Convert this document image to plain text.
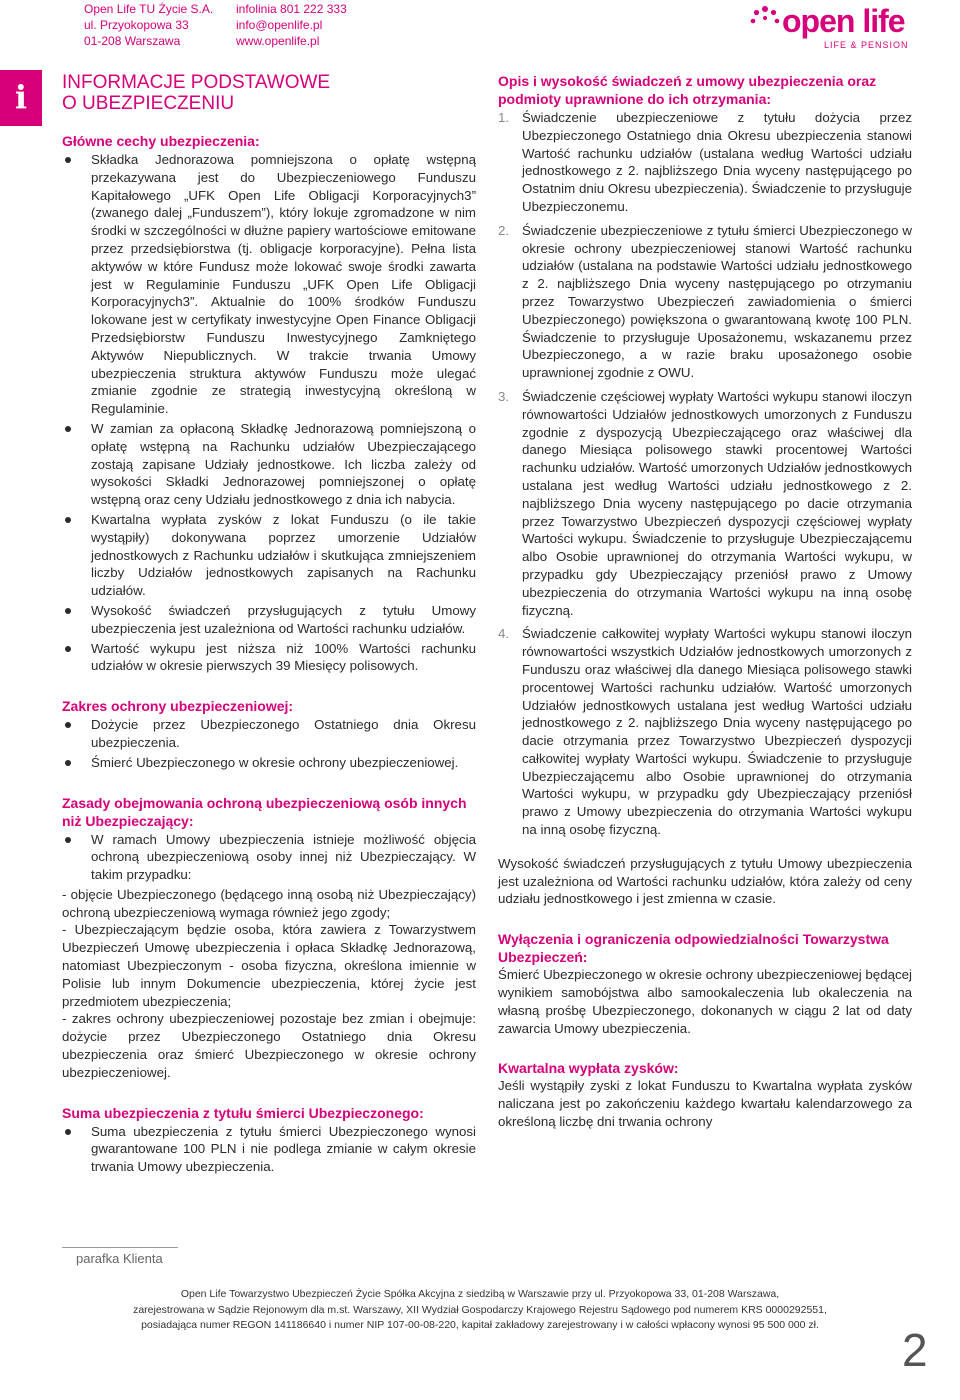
Open Life TU Życie S.A.
ul. Przyokopowa 33
01-208 Warszawa
infolinia 801 222 333
info@openlife.pl
www.openlife.pl
open life
LIFE & PENSION
i	INFORMACJE PODSTAWOWE
O UBEZPIECZENIU
Główne cechy ubezpieczenia:
Składka Jednorazowa pomniejszona o opłatę wstępną przekazywana jest do Ubezpieczeniowego Funduszu Kapitałowego „UFK Open Life Obligacji Korporacyjnych3” (zwanego dalej „Funduszem”), który lokuje zgromadzone w nim środki w szczególności w dłużne papiery wartościowe emitowane przez przedsiębiorstwa (tj. obligacje korporacyjne). Pełna lista aktywów w które Fundusz może lokować swoje środki zawarta jest w Regulaminie Funduszu „UFK Open Life Obligacji Korporacyjnych3”. Aktualnie do 100% środków Funduszu lokowane jest w certyfikaty inwestycyjne Open Finance Obligacji Przedsiębiorstw Funduszu Inwestycyjnego Zamkniętego Aktywów Niepublicznych. W trakcie trwania Umowy ubezpieczenia struktura aktywów Funduszu może ulegać zmianie zgodnie ze strategią inwestycyjną określoną w Regulaminie.
W zamian za opłaconą Składkę Jednorazową pomniejszoną o opłatę wstępną na Rachunku udziałów Ubezpieczającego zostają zapisane Udziały jednostkowe. Ich liczba zależy od wysokości Składki Jednorazowej pomniejszonej o opłatę wstępną oraz ceny Udziału jednostkowego z dnia ich nabycia.
Kwartalna wypłata zysków z lokat Funduszu (o ile takie wystąpiły) dokonywana poprzez umorzenie Udziałów jednostkowych z Rachunku udziałów i skutkująca zmniejszeniem liczby Udziałów jednostkowych zapisanych na Rachunku udziałów.
Wysokość świadczeń przysługujących z tytułu Umowy ubezpieczenia jest uzależniona od Wartości rachunku udziałów.
Wartość wykupu jest niższa niż 100% Wartości rachunku udziałów w okresie pierwszych 39 Miesięcy polisowych.
Zakres ochrony ubezpieczeniowej:
Dożycie przez Ubezpieczonego Ostatniego dnia Okresu ubezpieczenia.
Śmierć Ubezpieczonego w okresie ochrony ubezpieczeniowej.
Zasady obejmowania ochroną ubezpieczeniową osób innych niż Ubezpieczający:
W ramach Umowy ubezpieczenia istnieje możliwość objęcia ochroną ubezpieczeniową osoby innej niż Ubezpieczający. W takim przypadku:

- objęcie Ubezpieczonego (będącego inną osobą niż Ubezpieczający) ochroną ubezpieczeniową wymaga również jego zgody;

- Ubezpieczającym będzie osoba, która zawiera z Towarzystwem Ubezpieczeń Umowę ubezpieczenia i opłaca Składkę Jednorazową, natomiast Ubezpieczonym - osoba fizyczna, określona imiennie w Polisie lub innym Dokumencie ubezpieczenia, której życie jest przedmiotem ubezpieczenia;

- zakres ochrony ubezpieczeniowej pozostaje bez zmian i obejmuje: dożycie przez Ubezpieczonego Ostatniego dnia Okresu ubezpieczenia oraz śmierć Ubezpieczonego w okresie ochrony ubezpieczeniowej.

Suma ubezpieczenia z tytułu śmierci Ubezpieczonego:
Suma ubezpieczenia z tytułu śmierci Ubezpieczonego wynosi gwarantowane 100 PLN i nie podlega zmianie w całym okresie trwania Umowy ubezpieczenia.
Opis i wysokość świadczeń z umowy ubezpieczenia oraz podmioty uprawnione do ich otrzymania:
1. Świadczenie ubezpieczeniowe z tytułu dożycia przez Ubezpieczonego Ostatniego dnia Okresu ubezpieczenia stanowi Wartość rachunku udziałów (ustalana według Wartości udziału jednostkowego z 2. najbliższego Dnia wyceny następującego po Ostatnim dniu Okresu ubezpieczenia). Świadczenie to przysługuje Ubezpieczonemu.
2. Świadczenie ubezpieczeniowe z tytułu śmierci Ubezpieczonego w okresie ochrony ubezpieczeniowej stanowi Wartość rachunku udziałów (ustalana na podstawie Wartości udziału jednostkowego z 2. najbliższego Dnia wyceny następującego po otrzymaniu przez Towarzystwo Ubezpieczeń zawiadomienia o śmierci Ubezpieczonego) powiększona o gwarantowaną kwotę 100 PLN. Świadczenie to przysługuje Uposażonemu, wskazanemu przez Ubezpieczonego, a w razie braku uposażonego osobie uprawnionej zgodnie z OWU.
3. Świadczenie częściowej wypłaty Wartości wykupu stanowi iloczyn równowartości Udziałów jednostkowych umorzonych z Funduszu zgodnie z dyspozycją Ubezpieczającego oraz właściwej dla danego Miesiąca polisowego stawki procentowej Wartości rachunku udziałów. Wartość umorzonych Udziałów jednostkowych ustalana jest według Wartości udziału jednostkowego z 2. najbliższego Dnia wyceny następującego po dacie otrzymania przez Towarzystwo Ubezpieczeń dyspozycji częściowej wypłaty Wartości wykupu. Świadczenie to przysługuje Ubezpieczającemu albo Osobie uprawnionej do otrzymania Wartości wykupu, w przypadku gdy Ubezpieczający przeniósł prawo z Umowy ubezpieczenia do otrzymania Wartości wykupu na inną osobę fizyczną.
4. Świadczenie całkowitej wypłaty Wartości wykupu stanowi iloczyn równowartości wszystkich Udziałów jednostkowych umorzonych z Funduszu oraz właściwej dla danego Miesiąca polisowego stawki procentowej Wartości rachunku udziałów. Wartość umorzonych Udziałów jednostkowych ustalana jest według Wartości udziału jednostkowego z 2. najbliższego Dnia wyceny następującego po dacie otrzymania przez Towarzystwo Ubezpieczeń dyspozycji całkowitej wypłaty Wartości wykupu. Świadczenie to przysługuje Ubezpieczającemu albo Osobie uprawnionej do otrzymania Wartości wykupu, w przypadku gdy Ubezpieczający przeniósł prawo z Umowy ubezpieczenia do otrzymania Wartości wykupu na inną osobę fizyczną.

Wysokość świadczeń przysługujących z tytułu Umowy ubezpieczenia jest uzależniona od Wartości rachunku udziałów, która zależy od ceny udziału jednostkowego i jest zmienna w czasie.

Wyłączenia i ograniczenia odpowiedzialności Towarzystwa Ubezpieczeń:

Śmierć Ubezpieczonego w okresie ochrony ubezpieczeniowej będącej wynikiem samobójstwa albo samookaleczenia lub okaleczenia na własną prośbę Ubezpieczonego, dokonanych w ciągu 2 lat od daty zawarcia Umowy ubezpieczenia.

Kwartalna wypłata zysków:

Jeśli wystąpiły zyski z lokat Funduszu to Kwartalna wypłata zysków naliczana jest po zakończeniu każdego kwartału kalendarzowego za określoną liczbę dni trwania ochrony

parafka Klienta
Open Life Towarzystwo Ubezpieczeń Życie Spółka Akcyjna z siedzibą w Warszawie przy ul. Przyokopowa 33, 01-208 Warszawa,
zarejestrowana w Sądzie Rejonowym dla m.st. Warszawy, XII Wydział Gospodarczy Krajowego Rejestru Sądowego pod numerem KRS 0000292551,
posiadająca numer REGON 141186640 i numer NIP 107-00-08-220, kapitał zakładowy zarejestrowany i w całości wpłacony wynosi 95 500 000 zł.	2
